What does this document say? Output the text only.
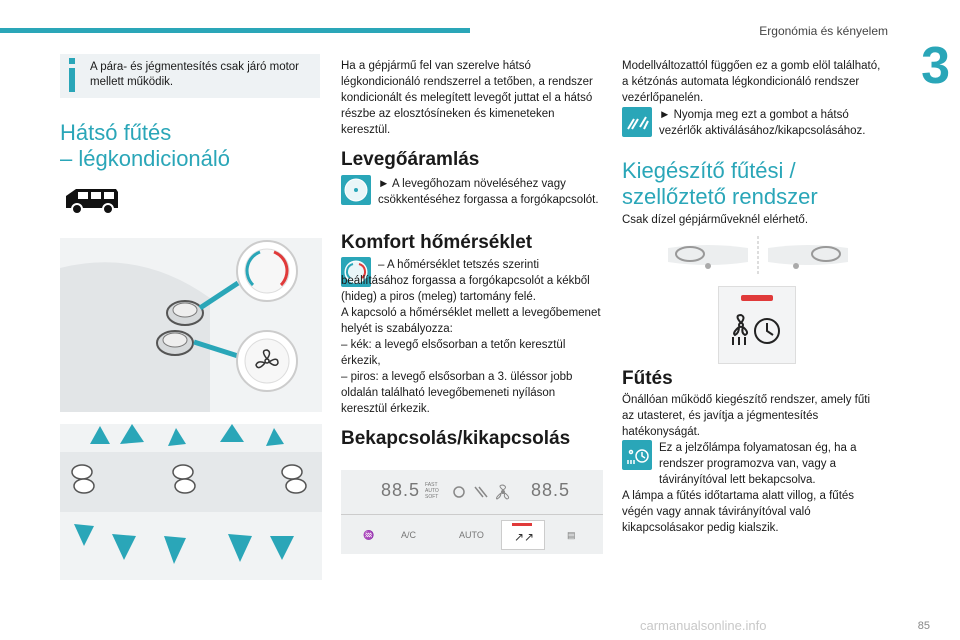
Ergonómia és kényelem
3
A pára- és jégmentesítés csak járó motor mellett működik.
Hátsó fűtés
– légkondicionáló
Ha a gépjármű fel van szerelve hátsó légkondicionáló rendszerrel a tetőben, a rendszer kondicionált és melegített levegőt juttat el a hátsó részbe az elosztósíneken és kimeneteken keresztül.
Levegőáramlás
► A levegőhozam növeléséhez vagy csökkentéséhez forgassa a forgókapcsolót.
Komfort hőmérséklet
– A hőmérséklet tetszés szerinti beállításához forgassa a forgókapcsolót a kékből (hideg) a piros (meleg) tartomány felé.
A kapcsoló a hőmérséklet mellett a levegőbemenet helyét is szabályozza:
– kék: a levegő elsősorban a tetőn keresztül érkezik,
– piros: a levegő elsősorban a 3. üléssor jobb oldalán található levegőbemeneti nyíláson keresztül érkezik.
Bekapcsolás/kikapcsolás
88.5 FAST AUTO SOFT	88.5
A/C	AUTO	↗↗
♒	▤
Modellváltozattól függően ez a gomb elöl található, a kétzónás automata légkondicionáló rendszer vezérlőpanelén.
► Nyomja meg ezt a gombot a hátsó vezérlők aktiválásához/kikapcsolásához.
Kiegészítő fűtési /
szellőztető rendszer
Csak dízel gépjárműveknél elérhető.
Fűtés
Önállóan működő kiegészítő rendszer, amely fűti az utasteret, és javítja a jégmentesítés hatékonyságát.
Ez a jelzőlámpa folyamatosan ég, ha a rendszer programozva van, vagy a távirányítóval lett bekapcsolva.
A lámpa a fűtés időtartama alatt villog, a fűtés végén vagy annak távirányítóval való kikapcsolásakor pedig kialszik.
carmanualsonline.info	85
